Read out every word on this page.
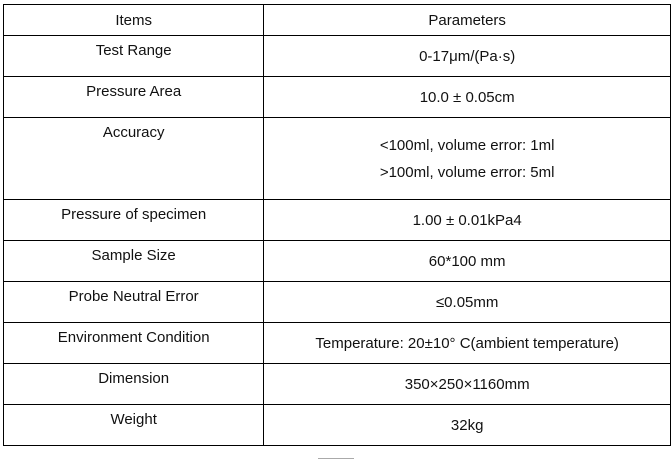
Items	Parameters
Test Range	0-17μm/(Pa·s)
Pressure Area	10.0 ± 0.05cm
Accuracy	<100ml, volume error: 1ml
>100ml, volume error: 5ml

Pressure of specimen	1.00 ± 0.01kPa4
Sample Size	60*100 mm
Probe Neutral Error	≤0.05mm
Environment Condition	Temperature: 20±10° C(ambient temperature)
Dimension	350×250×1160mm
Weight	32kg
